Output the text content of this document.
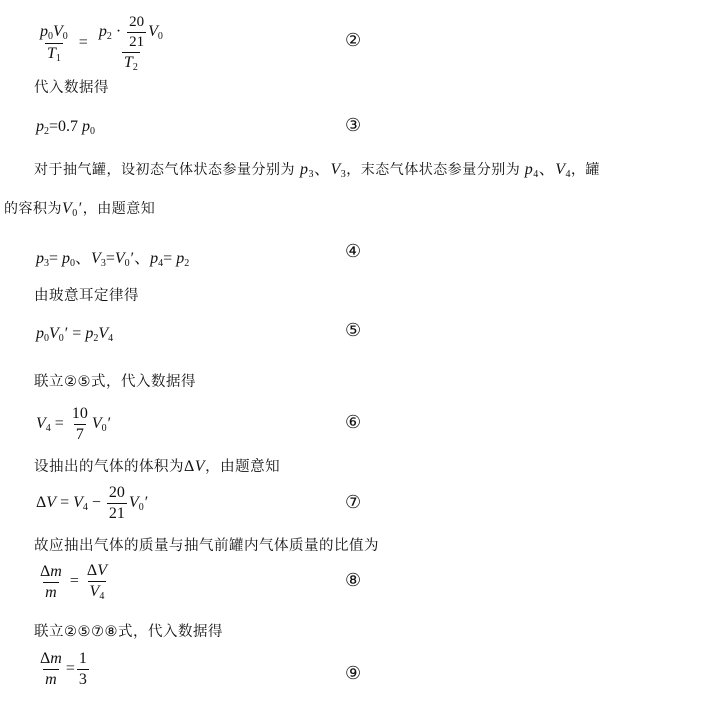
$\frac{p_0V_0}{T_1} = \frac{p_2 \cdot \frac{20}{21} V_0}{T_2}$	②
代入数据得
$p_2=0.7$ $p_0$	③
对于抽气罐，设初态气体状态参量分别为 $p_3$、$V_3$，末态气体状态参量分别为 $p_4$、$V_4$，罐
的容积为$V_0'$，由题意知
$p_3= p_0$、$V_3=V_0'$、$p_4= p_2$
④
由玻意耳定律得
$p_0V_0' = p_2V_4$	⑤
联立②⑤式，代入数据得
$V_4 = \frac{10}{7} V_0'$	⑥
设抽出的气体的体积为ΔV，由题意知
$\Delta V = V_4 - \frac{20}{21} V_0'$	⑦
故应抽出气体的质量与抽气前罐内气体质量的比值为
$\frac{\Delta m}{m} = \frac{\Delta V}{V_4}$	⑧
联立②⑤⑦⑧式，代入数据得
$\frac{\Delta m}{m} = \frac{1}{3}$	⑨
